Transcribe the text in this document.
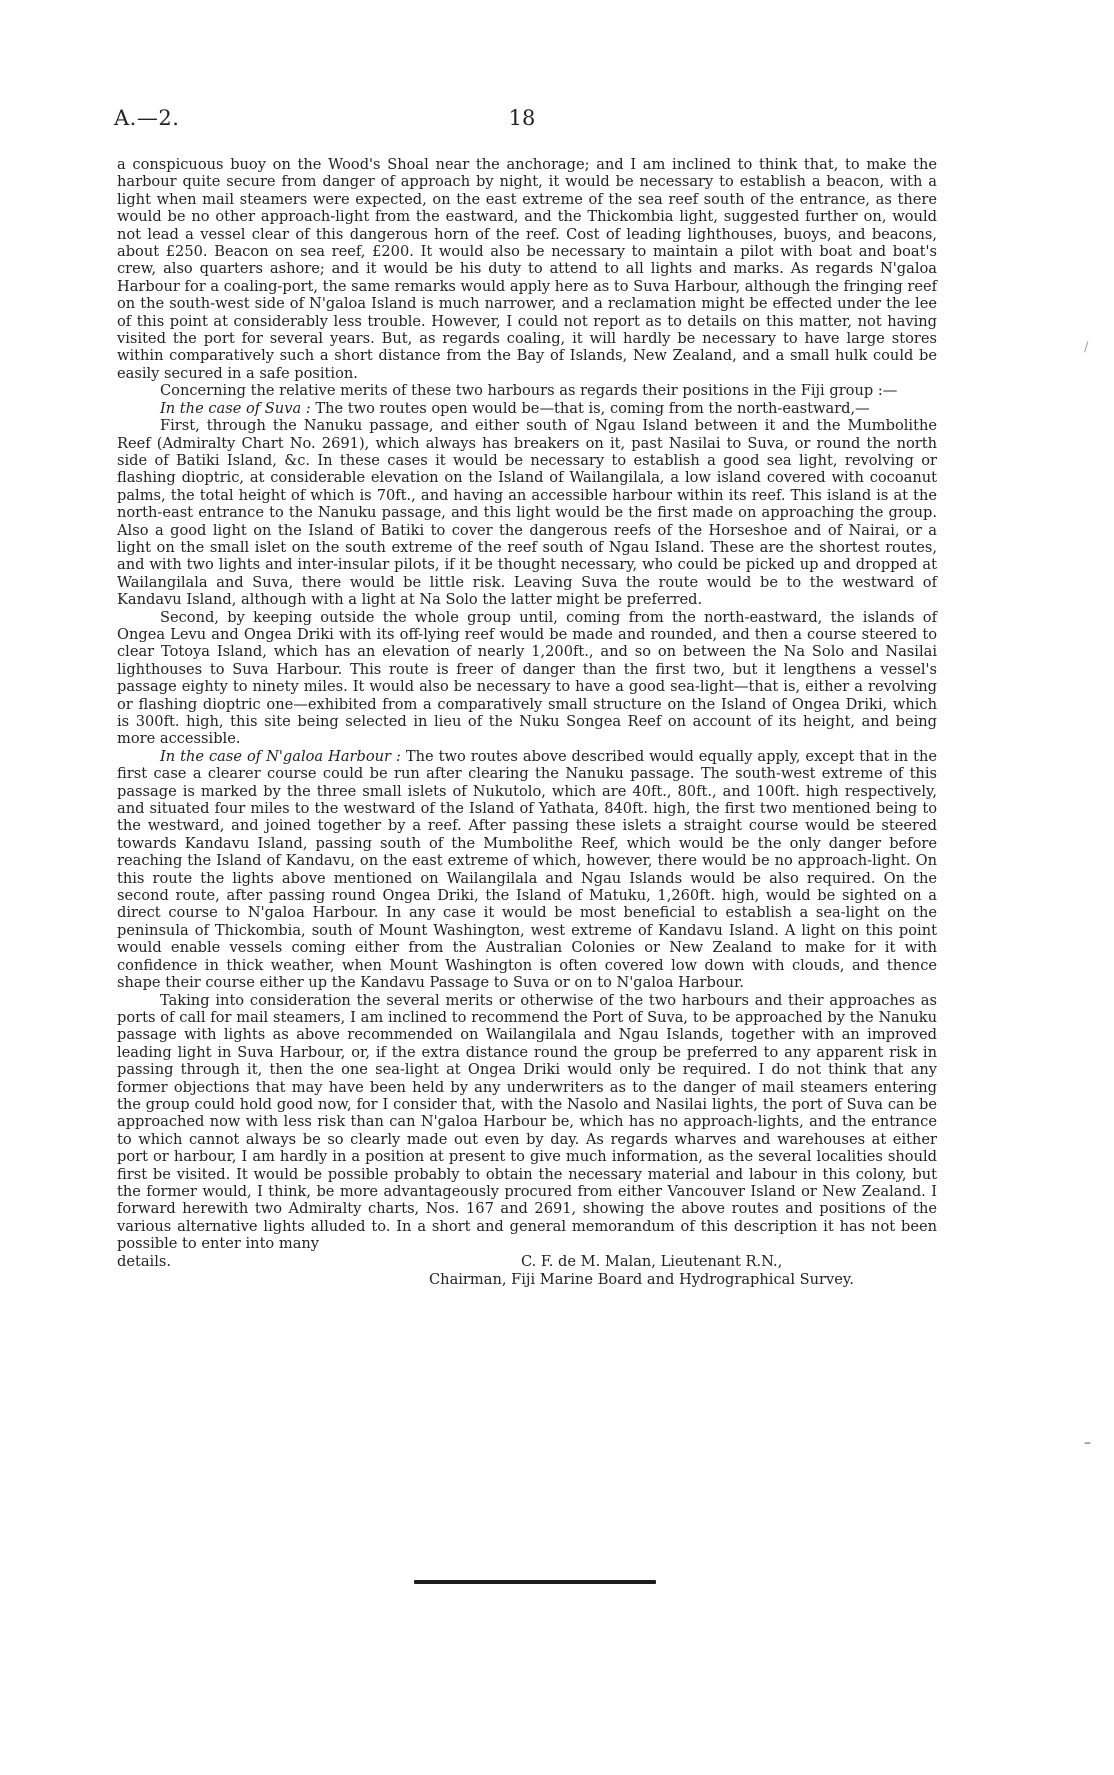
A.—2.	18

a conspicuous buoy on the Wood's Shoal near the anchorage; and I am inclined to think that, to make the harbour quite secure from danger of approach by night, it would be necessary to establish a beacon, with a light when mail steamers were expected, on the east extreme of the sea reef south of the entrance, as there would be no other approach-light from the eastward, and the Thickombia light, suggested further on, would not lead a vessel clear of this dangerous horn of the reef. Cost of leading lighthouses, buoys, and beacons, about £250. Beacon on sea reef, £200. It would also be necessary to maintain a pilot with boat and boat's crew, also quarters ashore; and it would be his duty to attend to all lights and marks. As regards N'galoa Harbour for a coaling-port, the same remarks would apply here as to Suva Harbour, although the fringing reef on the south-west side of N'galoa Island is much narrower, and a reclamation might be effected under the lee of this point at considerably less trouble. However, I could not report as to details on this matter, not having visited the port for several years. But, as regards coaling, it will hardly be necessary to have large stores within comparatively such a short distance from the Bay of Islands, New Zealand, and a small hulk could be easily secured in a safe position.

Concerning the relative merits of these two harbours as regards their positions in the Fiji group :—

In the case of Suva : The two routes open would be—that is, coming from the north-eastward,—

First, through the Nanuku passage, and either south of Ngau Island between it and the Mumbolithe Reef (Admiralty Chart No. 2691), which always has breakers on it, past Nasilai to Suva, or round the north side of Batiki Island, &c. In these cases it would be necessary to establish a good sea light, revolving or flashing dioptric, at considerable elevation on the Island of Wailangilala, a low island covered with cocoanut palms, the total height of which is 70ft., and having an accessible harbour within its reef. This island is at the north-east entrance to the Nanuku passage, and this light would be the first made on approaching the group. Also a good light on the Island of Batiki to cover the dangerous reefs of the Horseshoe and of Nairai, or a light on the small islet on the south extreme of the reef south of Ngau Island. These are the shortest routes, and with two lights and inter-insular pilots, if it be thought necessary, who could be picked up and dropped at Wailangilala and Suva, there would be little risk. Leaving Suva the route would be to the westward of Kandavu Island, although with a light at Na Solo the latter might be preferred.

Second, by keeping outside the whole group until, coming from the north-eastward, the islands of Ongea Levu and Ongea Driki with its off-lying reef would be made and rounded, and then a course steered to clear Totoya Island, which has an elevation of nearly 1,200ft., and so on between the Na Solo and Nasilai lighthouses to Suva Harbour. This route is freer of danger than the first two, but it lengthens a vessel's passage eighty to ninety miles. It would also be necessary to have a good sea-light—that is, either a revolving or flashing dioptric one—exhibited from a comparatively small structure on the Island of Ongea Driki, which is 300ft. high, this site being selected in lieu of the Nuku Songea Reef on account of its height, and being more accessible.

In the case of N'galoa Harbour : The two routes above described would equally apply, except that in the first case a clearer course could be run after clearing the Nanuku passage. The south-west extreme of this passage is marked by the three small islets of Nukutolo, which are 40ft., 80ft., and 100ft. high respectively, and situated four miles to the westward of the Island of Yathata, 840ft. high, the first two mentioned being to the westward, and joined together by a reef. After passing these islets a straight course would be steered towards Kandavu Island, passing south of the Mumbolithe Reef, which would be the only danger before reaching the Island of Kandavu, on the east extreme of which, however, there would be no approach-light. On this route the lights above mentioned on Wailangilala and Ngau Islands would be also required. On the second route, after passing round Ongea Driki, the Island of Matuku, 1,260ft. high, would be sighted on a direct course to N'galoa Harbour. In any case it would be most beneficial to establish a sea-light on the peninsula of Thickombia, south of Mount Washington, west extreme of Kandavu Island. A light on this point would enable vessels coming either from the Australian Colonies or New Zealand to make for it with confidence in thick weather, when Mount Washington is often covered low down with clouds, and thence shape their course either up the Kandavu Passage to Suva or on to N'galoa Harbour.

Taking into consideration the several merits or otherwise of the two harbours and their approaches as ports of call for mail steamers, I am inclined to recommend the Port of Suva, to be approached by the Nanuku passage with lights as above recommended on Wailangilala and Ngau Islands, together with an improved leading light in Suva Harbour, or, if the extra distance round the group be preferred to any apparent risk in passing through it, then the one sea-light at Ongea Driki would only be required. I do not think that any former objections that may have been held by any underwriters as to the danger of mail steamers entering the group could hold good now, for I consider that, with the Nasolo and Nasilai lights, the port of Suva can be approached now with less risk than can N'galoa Harbour be, which has no approach-lights, and the entrance to which cannot always be so clearly made out even by day. As regards wharves and warehouses at either port or harbour, I am hardly in a position at present to give much information, as the several localities should first be visited. It would be possible probably to obtain the necessary material and labour in this colony, but the former would, I think, be more advantageously procured from either Vancouver Island or New Zealand. I forward herewith two Admiralty charts, Nos. 167 and 2691, showing the above routes and positions of the various alternative lights alluded to. In a short and general memorandum of this description it has not been possible to enter into many

details.	C. F. de M. Malan, Lieutenant R.N.,
Chairman, Fiji Marine Board and Hydrographical Survey.
/
–
